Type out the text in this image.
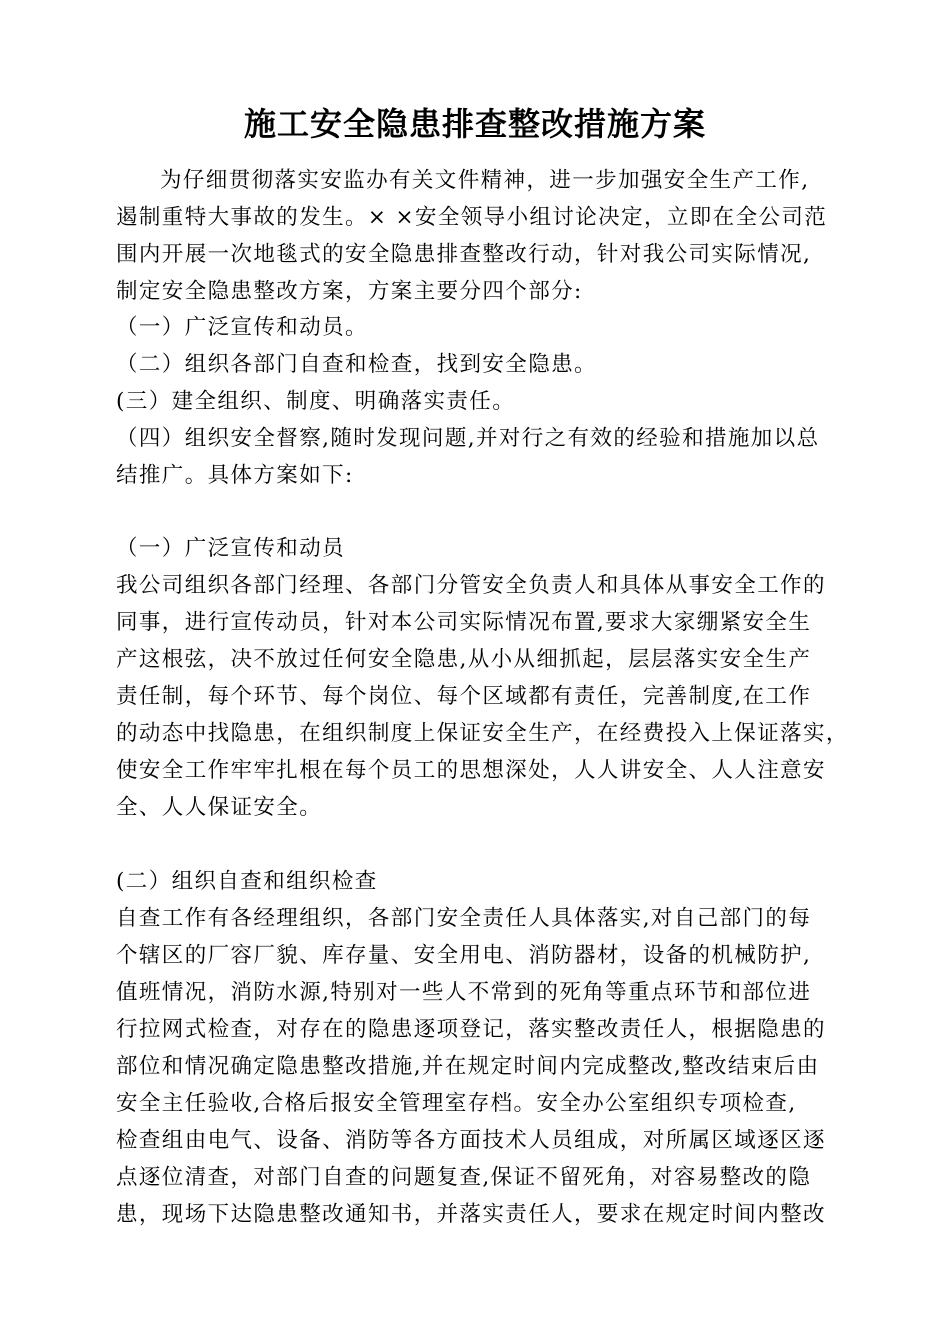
施工安全隐患排查整改措施方案
为仔细贯彻落实安监办有关文件精神，进一步加强安全生产工作,
遏制重特大事故的发生。× ×安全领导小组讨论决定，立即在全公司范
围内开展一次地毯式的安全隐患排查整改行动，针对我公司实际情况,
制定安全隐患整改方案，方案主要分四个部分:
（一）广泛宣传和动员。
（二）组织各部门自查和检查，找到安全隐患。
(三）建全组织、制度、明确落实责任。
（四）组织安全督察,随时发现问题,并对行之有效的经验和措施加以总
结推广。具体方案如下:
（一）广泛宣传和动员
我公司组织各部门经理、各部门分管安全负责人和具体从事安全工作的
同事，进行宣传动员，针对本公司实际情况布置,要求大家绷紧安全生
产这根弦，决不放过任何安全隐患,从小从细抓起，层层落实安全生产
责任制，每个环节、每个岗位、每个区域都有责任，完善制度,在工作
的动态中找隐患，在组织制度上保证安全生产，在经费投入上保证落实，
使安全工作牢牢扎根在每个员工的思想深处，人人讲安全、人人注意安
全、人人保证安全。
(二）组织自查和组织检查
自查工作有各经理组织，各部门安全责任人具体落实,对自己部门的每
个辖区的厂容厂貌、库存量、安全用电、消防器材，设备的机械防护,
值班情况，消防水源,特别对一些人不常到的死角等重点环节和部位进
行拉网式检查，对存在的隐患逐项登记，落实整改责任人，根据隐患的
部位和情况确定隐患整改措施,并在规定时间内完成整改,整改结束后由
安全主任验收,合格后报安全管理室存档。安全办公室组织专项检查,
检查组由电气、设备、消防等各方面技术人员组成，对所属区域逐区逐
点逐位清查，对部门自查的问题复查,保证不留死角，对容易整改的隐
患，现场下达隐患整改通知书，并落实责任人，要求在规定时间内整改
